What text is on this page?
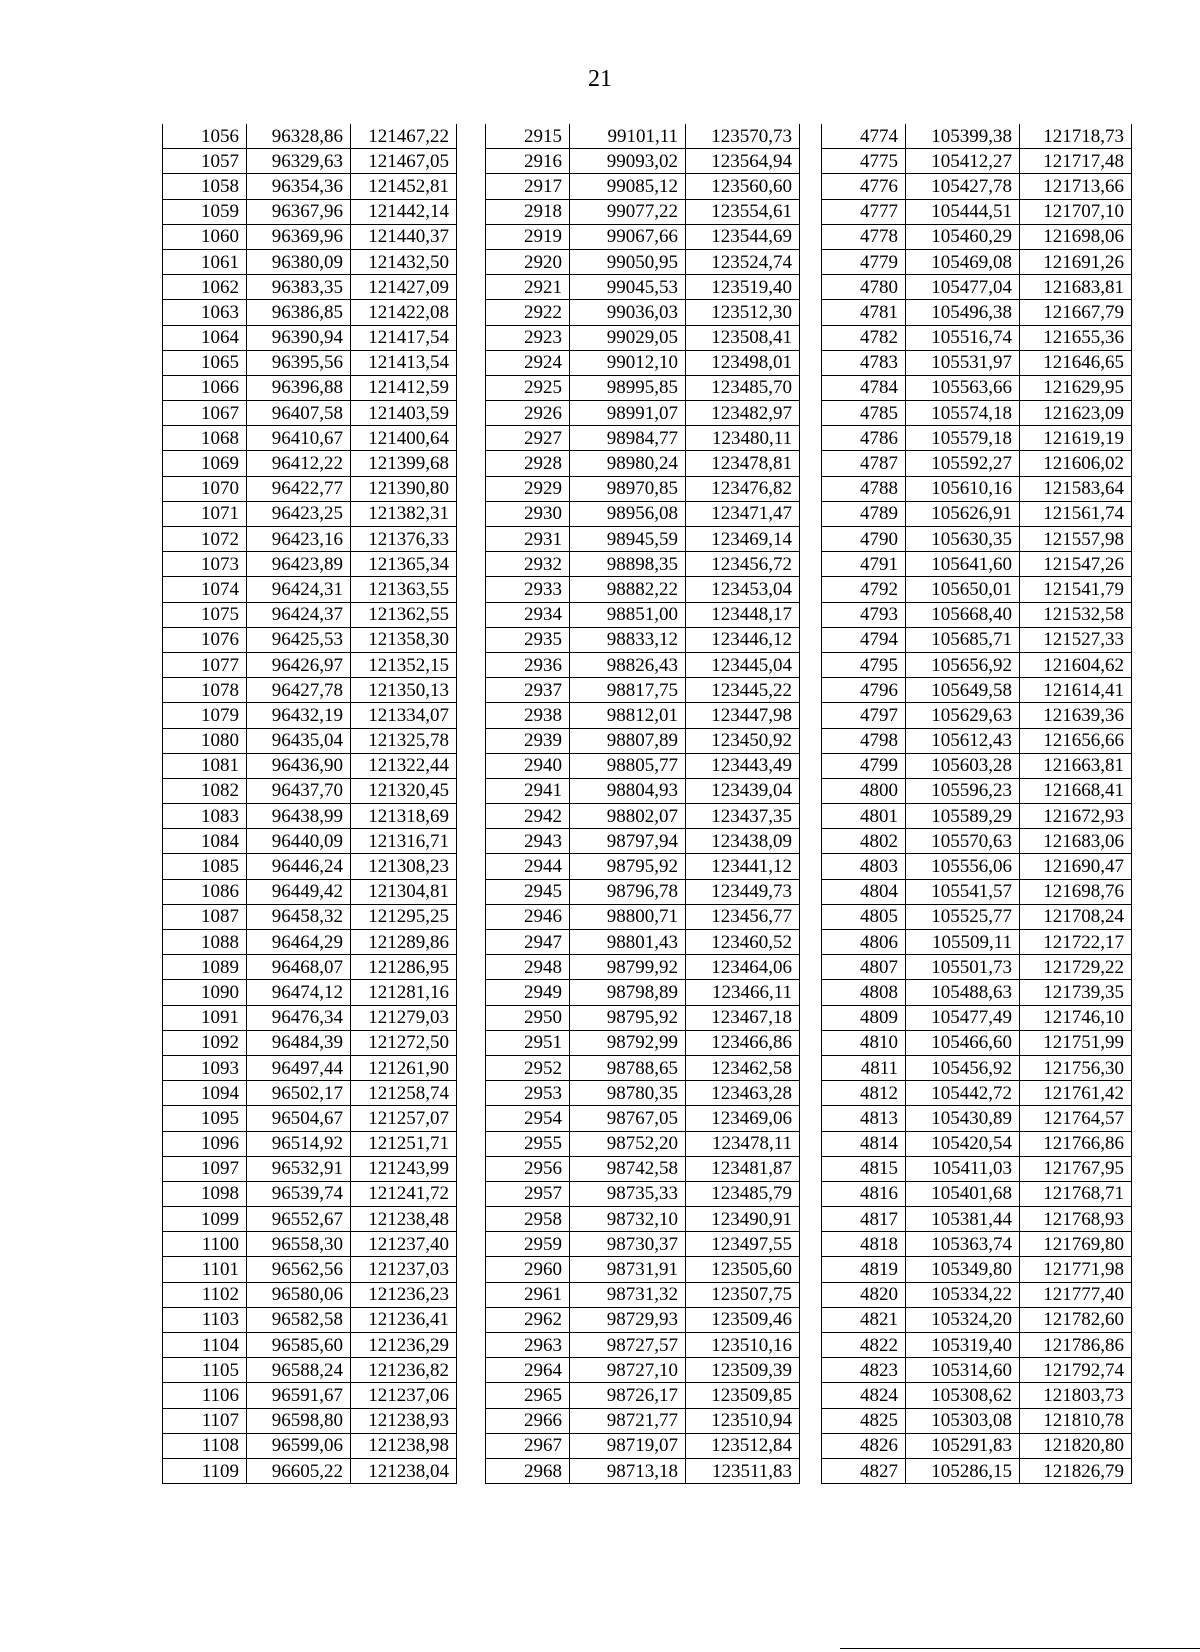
21
1056	96328,86	121467,22
1057	96329,63	121467,05
1058	96354,36	121452,81
1059	96367,96	121442,14
1060	96369,96	121440,37
1061	96380,09	121432,50
1062	96383,35	121427,09
1063	96386,85	121422,08
1064	96390,94	121417,54
1065	96395,56	121413,54
1066	96396,88	121412,59
1067	96407,58	121403,59
1068	96410,67	121400,64
1069	96412,22	121399,68
1070	96422,77	121390,80
1071	96423,25	121382,31
1072	96423,16	121376,33
1073	96423,89	121365,34
1074	96424,31	121363,55
1075	96424,37	121362,55
1076	96425,53	121358,30
1077	96426,97	121352,15
1078	96427,78	121350,13
1079	96432,19	121334,07
1080	96435,04	121325,78
1081	96436,90	121322,44
1082	96437,70	121320,45
1083	96438,99	121318,69
1084	96440,09	121316,71
1085	96446,24	121308,23
1086	96449,42	121304,81
1087	96458,32	121295,25
1088	96464,29	121289,86
1089	96468,07	121286,95
1090	96474,12	121281,16
1091	96476,34	121279,03
1092	96484,39	121272,50
1093	96497,44	121261,90
1094	96502,17	121258,74
1095	96504,67	121257,07
1096	96514,92	121251,71
1097	96532,91	121243,99
1098	96539,74	121241,72
1099	96552,67	121238,48
1100	96558,30	121237,40
1101	96562,56	121237,03
1102	96580,06	121236,23
1103	96582,58	121236,41
1104	96585,60	121236,29
1105	96588,24	121236,82
1106	96591,67	121237,06
1107	96598,80	121238,93
1108	96599,06	121238,98
1109	96605,22	121238,04
2915	99101,11	123570,73
2916	99093,02	123564,94
2917	99085,12	123560,60
2918	99077,22	123554,61
2919	99067,66	123544,69
2920	99050,95	123524,74
2921	99045,53	123519,40
2922	99036,03	123512,30
2923	99029,05	123508,41
2924	99012,10	123498,01
2925	98995,85	123485,70
2926	98991,07	123482,97
2927	98984,77	123480,11
2928	98980,24	123478,81
2929	98970,85	123476,82
2930	98956,08	123471,47
2931	98945,59	123469,14
2932	98898,35	123456,72
2933	98882,22	123453,04
2934	98851,00	123448,17
2935	98833,12	123446,12
2936	98826,43	123445,04
2937	98817,75	123445,22
2938	98812,01	123447,98
2939	98807,89	123450,92
2940	98805,77	123443,49
2941	98804,93	123439,04
2942	98802,07	123437,35
2943	98797,94	123438,09
2944	98795,92	123441,12
2945	98796,78	123449,73
2946	98800,71	123456,77
2947	98801,43	123460,52
2948	98799,92	123464,06
2949	98798,89	123466,11
2950	98795,92	123467,18
2951	98792,99	123466,86
2952	98788,65	123462,58
2953	98780,35	123463,28
2954	98767,05	123469,06
2955	98752,20	123478,11
2956	98742,58	123481,87
2957	98735,33	123485,79
2958	98732,10	123490,91
2959	98730,37	123497,55
2960	98731,91	123505,60
2961	98731,32	123507,75
2962	98729,93	123509,46
2963	98727,57	123510,16
2964	98727,10	123509,39
2965	98726,17	123509,85
2966	98721,77	123510,94
2967	98719,07	123512,84
2968	98713,18	123511,83
4774	105399,38	121718,73
4775	105412,27	121717,48
4776	105427,78	121713,66
4777	105444,51	121707,10
4778	105460,29	121698,06
4779	105469,08	121691,26
4780	105477,04	121683,81
4781	105496,38	121667,79
4782	105516,74	121655,36
4783	105531,97	121646,65
4784	105563,66	121629,95
4785	105574,18	121623,09
4786	105579,18	121619,19
4787	105592,27	121606,02
4788	105610,16	121583,64
4789	105626,91	121561,74
4790	105630,35	121557,98
4791	105641,60	121547,26
4792	105650,01	121541,79
4793	105668,40	121532,58
4794	105685,71	121527,33
4795	105656,92	121604,62
4796	105649,58	121614,41
4797	105629,63	121639,36
4798	105612,43	121656,66
4799	105603,28	121663,81
4800	105596,23	121668,41
4801	105589,29	121672,93
4802	105570,63	121683,06
4803	105556,06	121690,47
4804	105541,57	121698,76
4805	105525,77	121708,24
4806	105509,11	121722,17
4807	105501,73	121729,22
4808	105488,63	121739,35
4809	105477,49	121746,10
4810	105466,60	121751,99
4811	105456,92	121756,30
4812	105442,72	121761,42
4813	105430,89	121764,57
4814	105420,54	121766,86
4815	105411,03	121767,95
4816	105401,68	121768,71
4817	105381,44	121768,93
4818	105363,74	121769,80
4819	105349,80	121771,98
4820	105334,22	121777,40
4821	105324,20	121782,60
4822	105319,40	121786,86
4823	105314,60	121792,74
4824	105308,62	121803,73
4825	105303,08	121810,78
4826	105291,83	121820,80
4827	105286,15	121826,79
